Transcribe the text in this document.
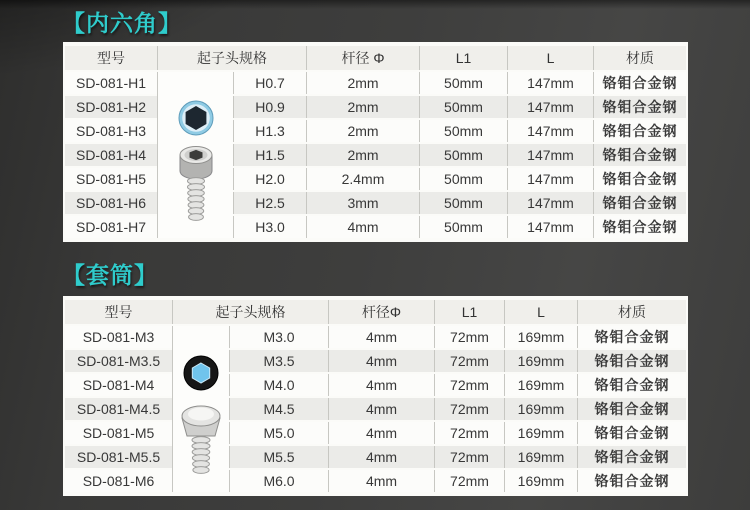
【内六角】
型号	起子头规格		杆径 Φ	L1	L	材质
SD-081-H1		H0.7	2mm	50mm	147mm	铬钼合金钢
SD-081-H2		H0.9	2mm	50mm	147mm	铬钼合金钢
SD-081-H3		H1.3	2mm	50mm	147mm	铬钼合金钢
SD-081-H4		H1.5	2mm	50mm	147mm	铬钼合金钢
SD-081-H5		H2.0	2.4mm	50mm	147mm	铬钼合金钢
SD-081-H6		H2.5	3mm	50mm	147mm	铬钼合金钢
SD-081-H7		H3.0	4mm	50mm	147mm	铬钼合金钢
【套筒】
型号	起子头规格		杆径Φ	L1	L	材质
SD-081-M3		M3.0	4mm	72mm	169mm	铬钼合金钢
SD-081-M3.5		M3.5	4mm	72mm	169mm	铬钼合金钢
SD-081-M4		M4.0	4mm	72mm	169mm	铬钼合金钢
SD-081-M4.5		M4.5	4mm	72mm	169mm	铬钼合金钢
SD-081-M5		M5.0	4mm	72mm	169mm	铬钼合金钢
SD-081-M5.5		M5.5	4mm	72mm	169mm	铬钼合金钢
SD-081-M6		M6.0	4mm	72mm	169mm	铬钼合金钢
